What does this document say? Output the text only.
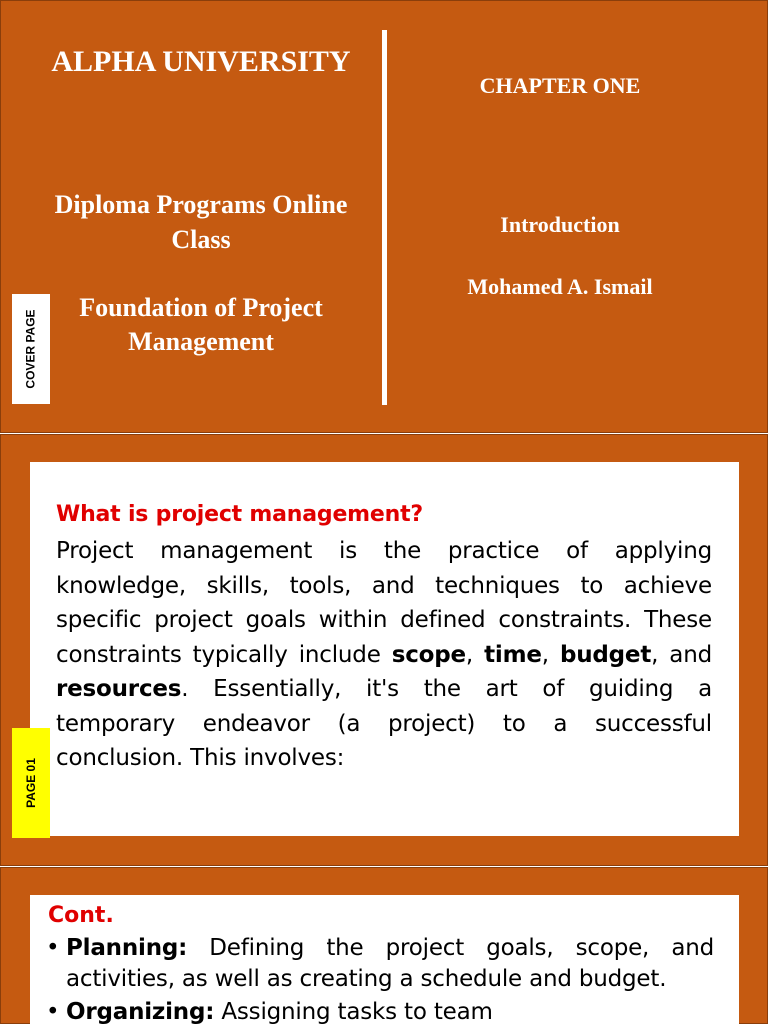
ALPHA UNIVERSITY
Diploma Programs Online Class
Foundation of Project Management
CHAPTER ONE
Introduction
Mohamed A. Ismail
COVER PAGE
What is project management?
Project management is the practice of applying knowledge, skills, tools, and techniques to achieve specific project goals within defined constraints. These constraints typically include scope, time, budget, and resources. Essentially, it's the art of guiding a temporary endeavor (a project) to a successful conclusion. This involves:
PAGE 01
Cont.
• Planning: Defining the project goals, scope, and activities, as well as creating a schedule and budget.
• Organizing: Assigning tasks to team
